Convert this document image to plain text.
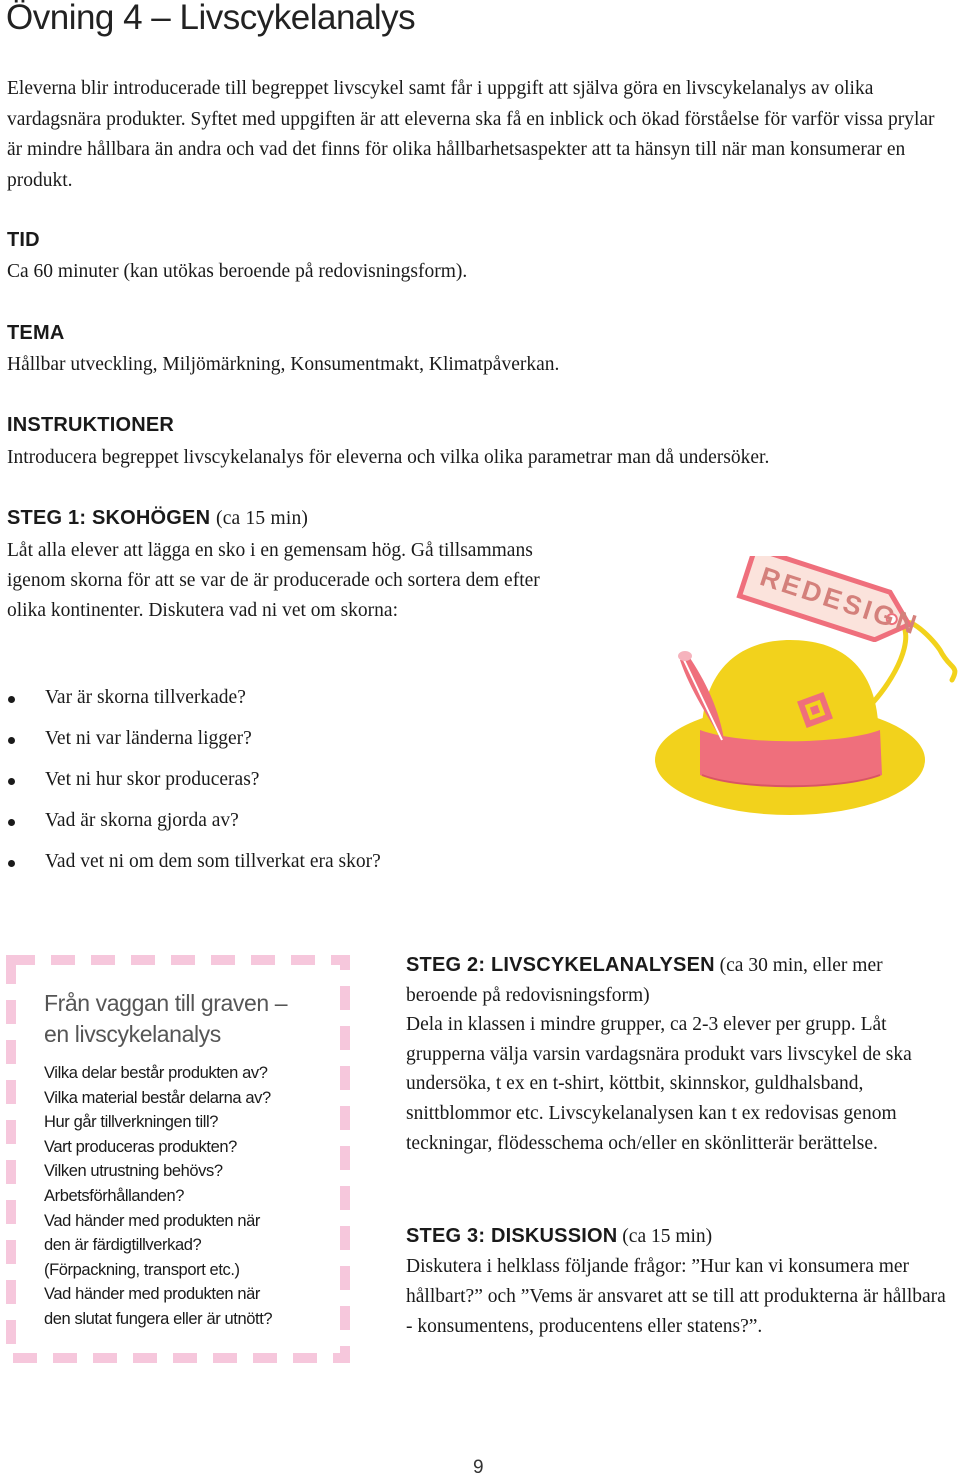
Övning 4 – Livscykelanalys
Eleverna blir introducerade till begreppet livscykel samt får i uppgift att själva göra en livscykelanalys av olika vardagsnära produkter. Syftet med uppgiften är att eleverna ska få en inblick och ökad förståelse för varför vissa prylar är mindre hållbara än andra och vad det finns för olika hållbarhetsaspekter att ta hänsyn till när man konsumerar en produkt.
TID
Ca 60 minuter (kan utökas beroende på redovisningsform).
TEMA
Hållbar utveckling, Miljömärkning, Konsumentmakt, Klimatpåverkan.
INSTRUKTIONER
Introducera begreppet livscykelanalys för eleverna och vilka olika parametrar man då undersöker.
STEG 1: SKOHÖGEN (ca 15 min)
Låt alla elever att lägga en sko i en gemensam hög. Gå tillsammans igenom skorna för att se var de är producerade och sortera dem efter olika kontinenter. Diskutera vad ni vet om skorna:
Var är skorna tillverkade?
Vet ni var länderna ligger?
Vet ni hur skor produceras?
Vad är skorna gjorda av?
Vad vet ni om dem som tillverkat era skor?
REDESIGN
Från vaggan till graven –
en livscykelanalys
Vilka delar består produkten av?
Vilka material består delarna av?
Hur går tillverkningen till?
Vart produceras produkten?
Vilken utrustning behövs?
Arbetsförhållanden?
Vad händer med produkten när
den är färdigtillverkad?
(Förpackning, transport etc.)
Vad händer med produkten när
den slutat fungera eller är utnött?
STEG 2: LIVSCYKELANALYSEN (ca 30 min, eller mer beroende på redovisningsform)
Dela in klassen i mindre grupper, ca 2-3 elever per grupp. Låt grupperna välja varsin vardagsnära produkt vars livscykel de ska undersöka, t ex en t-shirt, köttbit, skinnskor, guldhalsband, snittblommor etc. Livscykelanalysen kan t ex redovisas genom teckningar, flödesschema och/eller en skönlitterär berättelse.
STEG 3: DISKUSSION (ca 15 min)
Diskutera i helklass följande frågor: ”Hur kan vi konsumera mer hållbart?” och ”Vems är ansvaret att se till att produkterna är hållbara - konsumentens, producentens eller statens?”.
9
